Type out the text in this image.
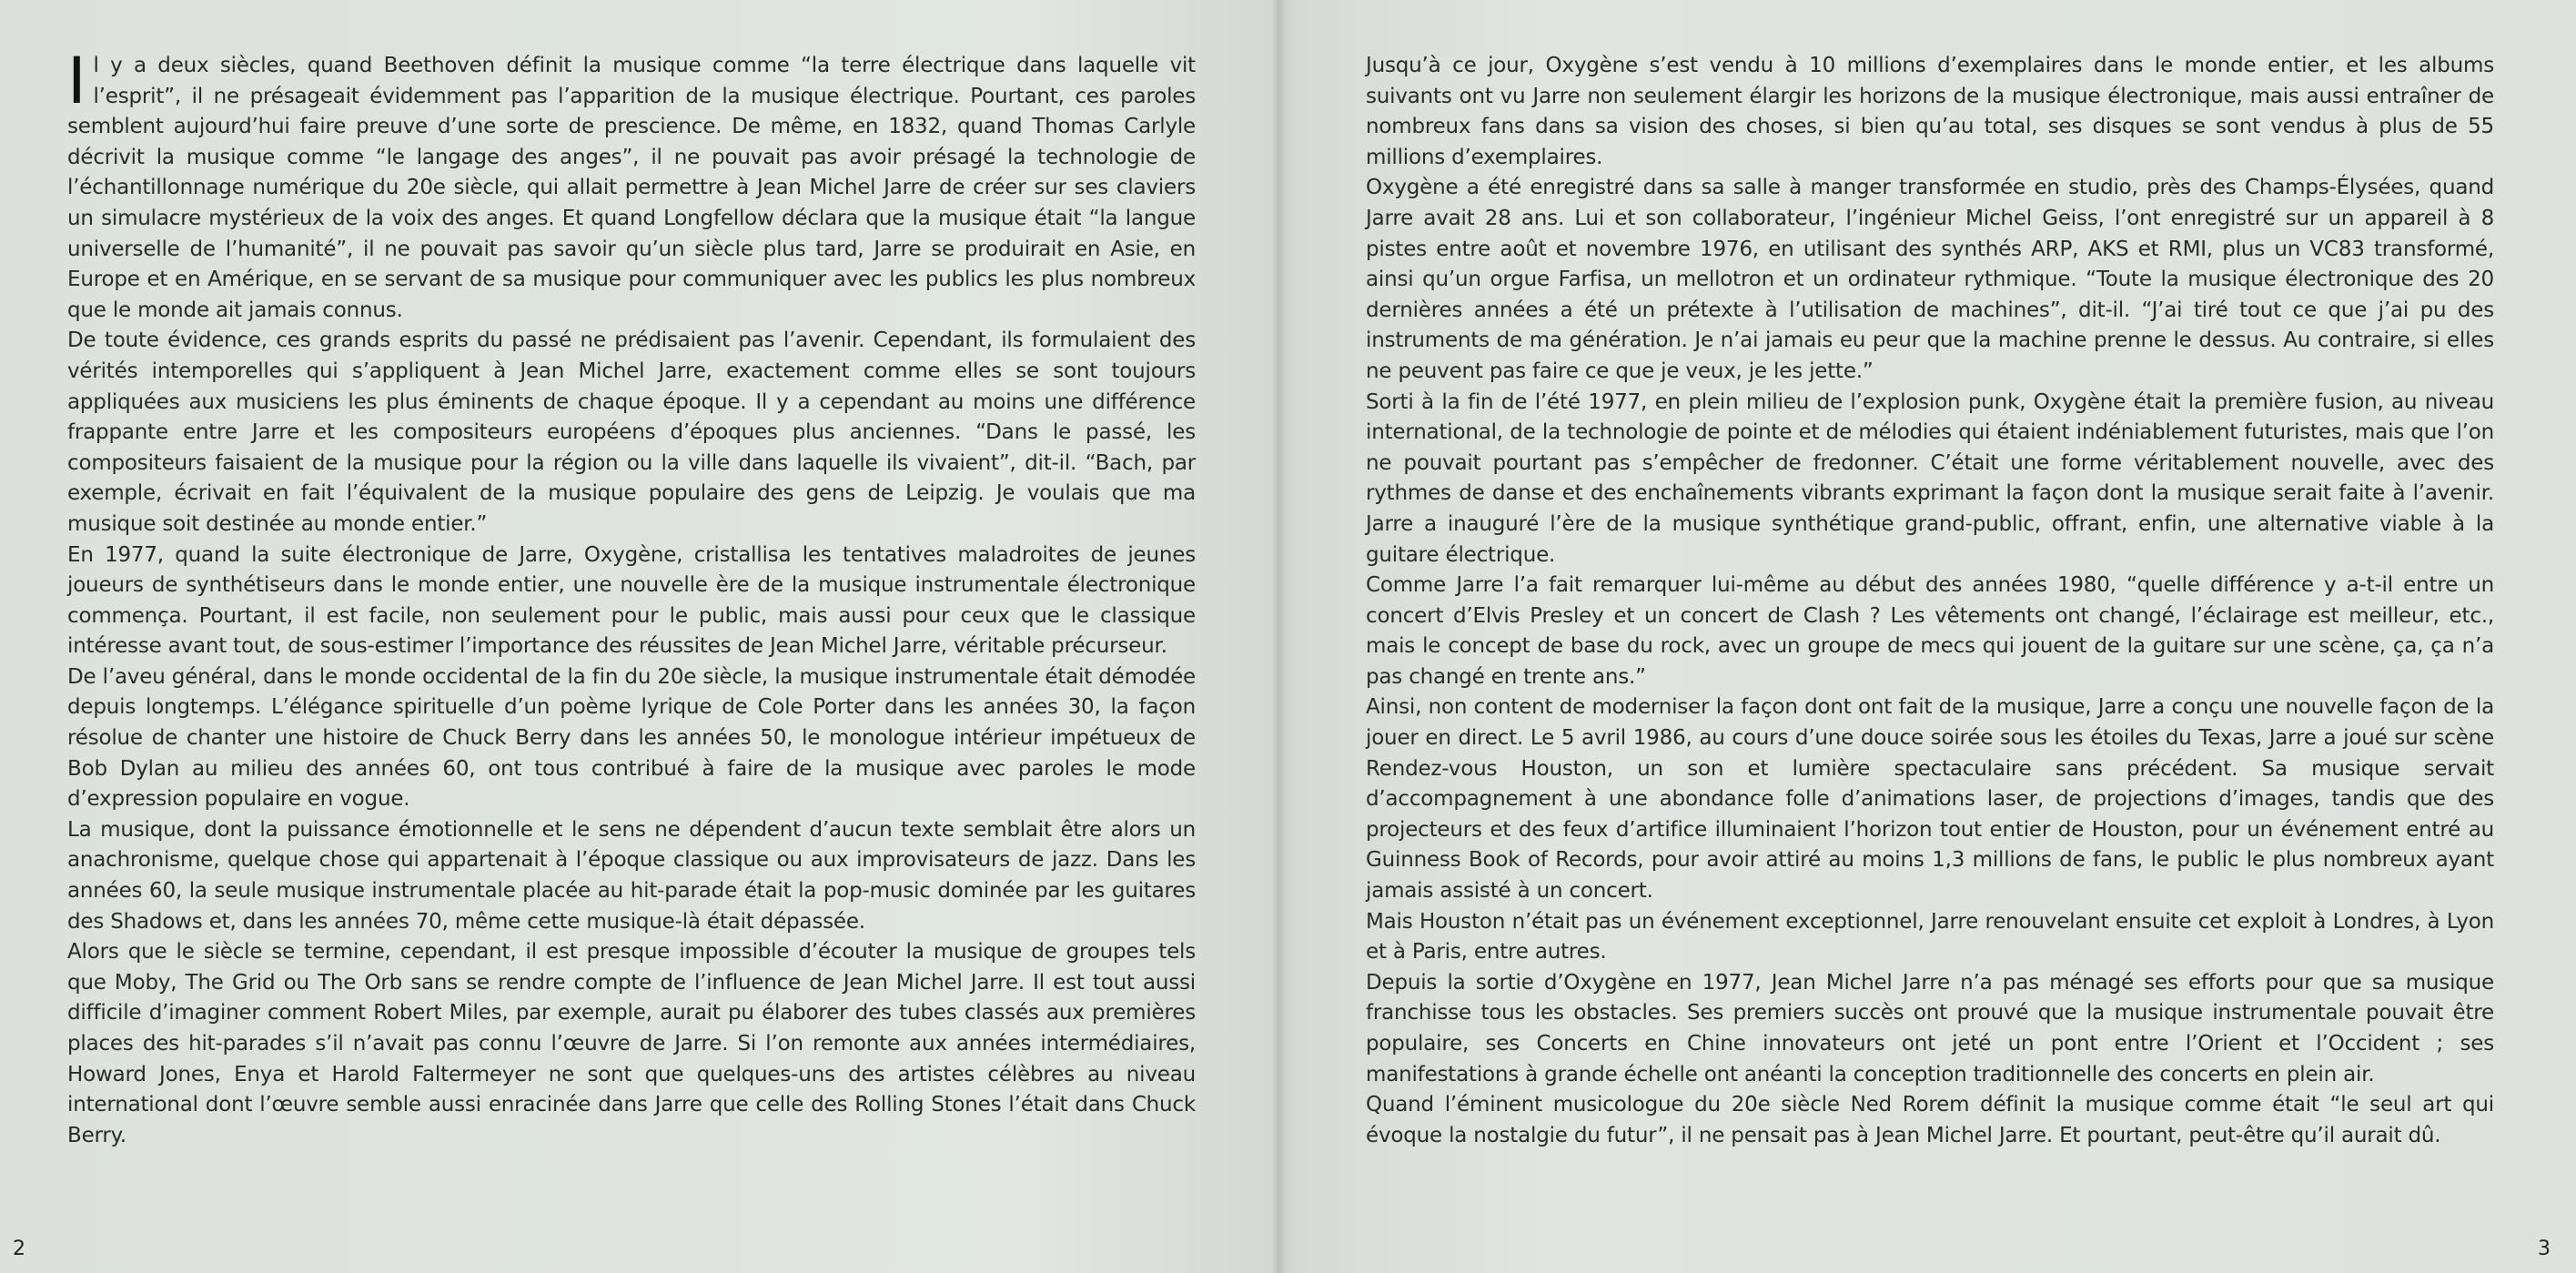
Il y a deux siècles, quand Beethoven définit la musique comme “la terre électrique dans laquelle vit l’esprit”, il ne présageait évidemment pas l’apparition de la musique électrique. Pourtant, ces paroles semblent aujourd’hui faire preuve d’une sorte de prescience. De même, en 1832, quand Thomas Carlyle décrivit la musique comme “le langage des anges”, il ne pouvait pas avoir présagé la technologie de l’échantillonnage numérique du 20e siècle, qui allait permettre à Jean Michel Jarre de créer sur ses claviers un simulacre mystérieux de la voix des anges. Et quand Longfellow déclara que la musique était “la langue universelle de l’humanité”, il ne pouvait pas savoir qu’un siècle plus tard, Jarre se produirait en Asie, en Europe et en Amérique, en se servant de sa musique pour communiquer avec les publics les plus nombreux que le monde ait jamais connus.

De toute évidence, ces grands esprits du passé ne prédisaient pas l’avenir. Cependant, ils formulaient des vérités intemporelles qui s’appliquent à Jean Michel Jarre, exactement comme elles se sont toujours appliquées aux musiciens les plus éminents de chaque époque. Il y a cependant au moins une différence frappante entre Jarre et les compositeurs européens d’époques plus anciennes. “Dans le passé, les compositeurs faisaient de la musique pour la région ou la ville dans laquelle ils vivaient”, dit-il. “Bach, par exemple, écrivait en fait l’équivalent de la musique populaire des gens de Leipzig. Je voulais que ma musique soit destinée au monde entier.”

En 1977, quand la suite électronique de Jarre, Oxygène, cristallisa les tentatives maladroites de jeunes joueurs de synthétiseurs dans le monde entier, une nouvelle ère de la musique instrumentale électronique commença. Pourtant, il est facile, non seulement pour le public, mais aussi pour ceux que le classique intéresse avant tout, de sous-estimer l’importance des réussites de Jean Michel Jarre, véritable précurseur.

De l’aveu général, dans le monde occidental de la fin du 20e siècle, la musique instrumentale était démodée depuis longtemps. L’élégance spirituelle d’un poème lyrique de Cole Porter dans les années 30, la façon résolue de chanter une histoire de Chuck Berry dans les années 50, le monologue intérieur impétueux de Bob Dylan au milieu des années 60, ont tous contribué à faire de la musique avec paroles le mode d’expression populaire en vogue.

La musique, dont la puissance émotionnelle et le sens ne dépendent d’aucun texte semblait être alors un anachronisme, quelque chose qui appartenait à l’époque classique ou aux improvisateurs de jazz. Dans les années 60, la seule musique instrumentale placée au hit-parade était la pop-music dominée par les guitares des Shadows et, dans les années 70, même cette musique-là était dépassée.

Alors que le siècle se termine, cependant, il est presque impossible d’écouter la musique de groupes tels que Moby, The Grid ou The Orb sans se rendre compte de l’influence de Jean Michel Jarre. Il est tout aussi difficile d’imaginer comment Robert Miles, par exemple, aurait pu élaborer des tubes classés aux premières places des hit-parades s’il n’avait pas connu l’œuvre de Jarre. Si l’on remonte aux années intermédiaires, Howard Jones, Enya et Harold Faltermeyer ne sont que quelques-uns des artistes célèbres au niveau international dont l’œuvre semble aussi enracinée dans Jarre que celle des Rolling Stones l’était dans Chuck Berry.

2

Jusqu’à ce jour, Oxygène s’est vendu à 10 millions d’exemplaires dans le monde entier, et les albums suivants ont vu Jarre non seulement élargir les horizons de la musique électronique, mais aussi entraîner de nombreux fans dans sa vision des choses, si bien qu’au total, ses disques se sont vendus à plus de 55 millions d’exemplaires.

Oxygène a été enregistré dans sa salle à manger transformée en studio, près des Champs-Élysées, quand Jarre avait 28 ans. Lui et son collaborateur, l’ingénieur Michel Geiss, l’ont enregistré sur un appareil à 8 pistes entre août et novembre 1976, en utilisant des synthés ARP, AKS et RMI, plus un VC83 transformé, ainsi qu’un orgue Farfisa, un mellotron et un ordinateur rythmique. “Toute la musique électronique des 20 dernières années a été un prétexte à l’utilisation de machines”, dit-il. “J’ai tiré tout ce que j’ai pu des instruments de ma génération. Je n’ai jamais eu peur que la machine prenne le dessus. Au contraire, si elles ne peuvent pas faire ce que je veux, je les jette.”

Sorti à la fin de l’été 1977, en plein milieu de l’explosion punk, Oxygène était la première fusion, au niveau international, de la technologie de pointe et de mélodies qui étaient indéniablement futuristes, mais que l’on ne pouvait pourtant pas s’empêcher de fredonner. C’était une forme véritablement nouvelle, avec des rythmes de danse et des enchaînements vibrants exprimant la façon dont la musique serait faite à l’avenir. Jarre a inauguré l’ère de la musique synthétique grand-public, offrant, enfin, une alternative viable à la guitare électrique.

Comme Jarre l’a fait remarquer lui-même au début des années 1980, “quelle différence y a-t-il entre un concert d’Elvis Presley et un concert de Clash ? Les vêtements ont changé, l’éclairage est meilleur, etc., mais le concept de base du rock, avec un groupe de mecs qui jouent de la guitare sur une scène, ça, ça n’a pas changé en trente ans.”

Ainsi, non content de moderniser la façon dont ont fait de la musique, Jarre a conçu une nouvelle façon de la jouer en direct. Le 5 avril 1986, au cours d’une douce soirée sous les étoiles du Texas, Jarre a joué sur scène Rendez-vous Houston, un son et lumière spectaculaire sans précédent. Sa musique servait d’accompagnement à une abondance folle d’animations laser, de projections d’images, tandis que des projecteurs et des feux d’artifice illuminaient l’horizon tout entier de Houston, pour un événement entré au Guinness Book of Records, pour avoir attiré au moins 1,3 millions de fans, le public le plus nombreux ayant jamais assisté à un concert.

Mais Houston n’était pas un événement exceptionnel, Jarre renouvelant ensuite cet exploit à Londres, à Lyon et à Paris, entre autres.

Depuis la sortie d’Oxygène en 1977, Jean Michel Jarre n’a pas ménagé ses efforts pour que sa musique franchisse tous les obstacles. Ses premiers succès ont prouvé que la musique instrumentale pouvait être populaire, ses Concerts en Chine innovateurs ont jeté un pont entre l’Orient et l’Occident ; ses manifestations à grande échelle ont anéanti la conception traditionnelle des concerts en plein air.

Quand l’éminent musicologue du 20e siècle Ned Rorem définit la musique comme était “le seul art qui évoque la nostalgie du futur”, il ne pensait pas à Jean Michel Jarre. Et pourtant, peut-être qu’il aurait dû.

3
